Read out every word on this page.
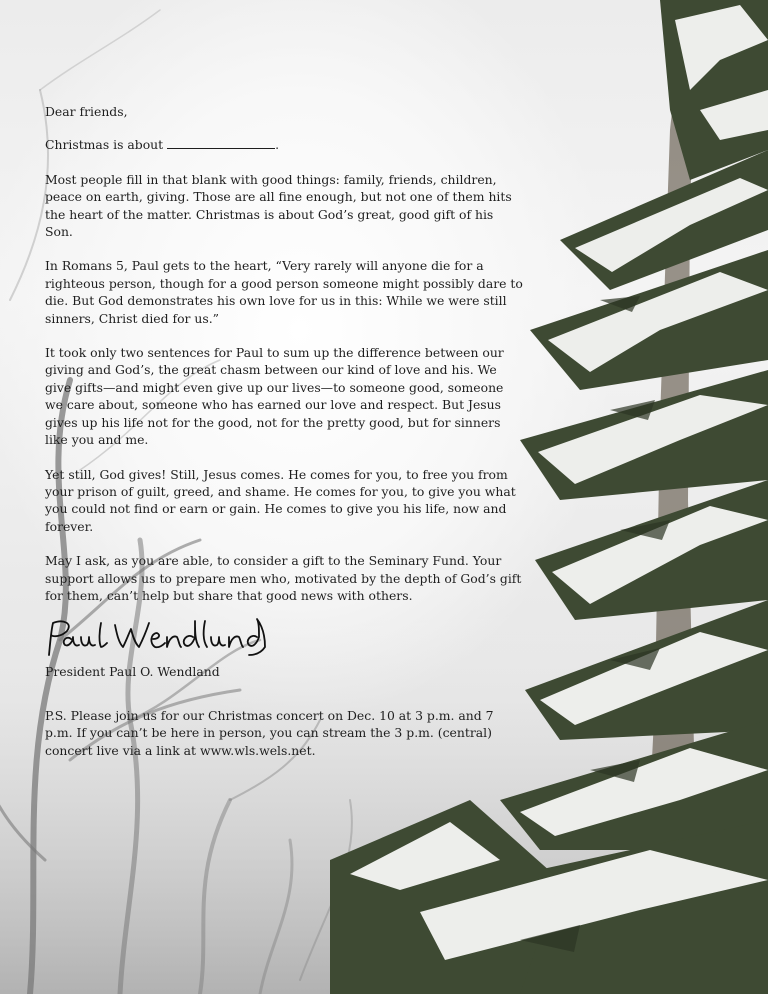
Dear friends,

Christmas is about	.

Most people fill in that blank with good things: family, friends, children, peace on earth, giving. Those are all fine enough, but not one of them hits the heart of the matter. Christmas is about God’s great, good gift of his Son.

In Romans 5, Paul gets to the heart, “Very rarely will anyone die for a righteous person, though for a good person someone might possibly dare to die. But God demonstrates his own love for us in this: While we were still sinners, Christ died for us.”

It took only two sentences for Paul to sum up the difference between our giving and God’s, the great chasm between our kind of love and his. We give gifts—and might even give up our lives—to someone good, someone we care about, someone who has earned our love and respect. But Jesus gives up his life not for the good, not for the pretty good, but for sinners like you and me.

Yet still, God gives! Still, Jesus comes. He comes for you, to free you from your prison of guilt, greed, and shame. He comes for you, to give you what you could not find or earn or gain. He comes to give you his life, now and forever.

May I ask, as you are able, to consider a gift to the Seminary Fund. Your support allows us to prepare men who, motivated by the depth of God’s gift for them, can’t help but share that good news with others.

President Paul O. Wendland

P.S. Please join us for our Christmas concert on Dec. 10 at 3 p.m. and 7 p.m. If you can’t be here in person, you can stream the 3 p.m. (central) concert live via a link at www.wls.wels.net.
